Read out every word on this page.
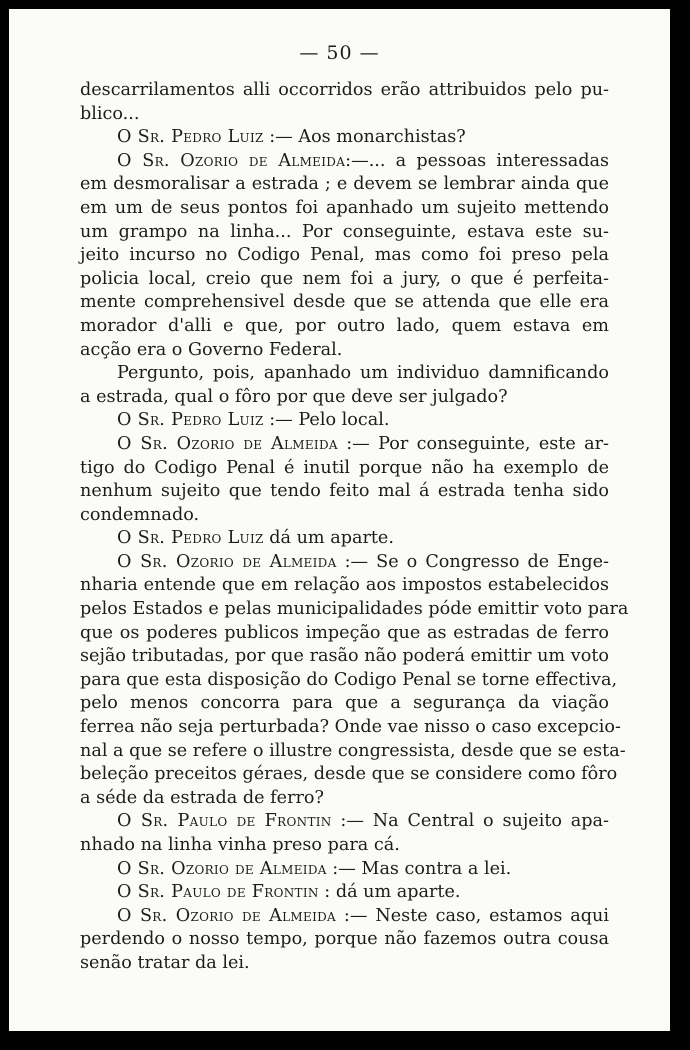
— 50 —
descarrilamentos alli occorridos erão attribuidos pelo pu-
blico...
O Sr. Pedro Luiz :— Aos monarchistas?
O Sr. Ozorio de Almeida:—... a pessoas interessadas
em desmoralisar a estrada ; e devem se lembrar ainda que
em um de seus pontos foi apanhado um sujeito mettendo
um grampo na linha... Por conseguinte, estava este su-
jeito incurso no Codigo Penal, mas como foi preso pela
policia local, creio que nem foi a jury, o que é perfeita-
mente comprehensivel desde que se attenda que elle era
morador d'alli e que, por outro lado, quem estava em
acção era o Governo Federal.
Pergunto, pois, apanhado um individuo damnificando
a estrada, qual o fôro por que deve ser julgado?
O Sr. Pedro Luiz :— Pelo local.
O Sr. Ozorio de Almeida :— Por conseguinte, este ar-
tigo do Codigo Penal é inutil porque não ha exemplo de
nenhum sujeito que tendo feito mal á estrada tenha sido
condemnado.
O Sr. Pedro Luiz dá um aparte.
O Sr. Ozorio de Almeida :— Se o Congresso de Enge-
nharia entende que em relação aos impostos estabelecidos
pelos Estados e pelas municipalidades póde emittir voto para
que os poderes publicos impeção que as estradas de ferro
sejão tributadas, por que rasão não poderá emittir um voto
para que esta disposição do Codigo Penal se torne effectiva,
pelo menos concorra para que a segurança da viação
ferrea não seja perturbada? Onde vae nisso o caso excepcio-
nal a que se refere o illustre congressista, desde que se esta-
beleção preceitos géraes, desde que se considere como fôro
a séde da estrada de ferro?
O Sr. Paulo de Frontin :— Na Central o sujeito apa-
nhado na linha vinha preso para cá.
O Sr. Ozorio de Almeida :— Mas contra a lei.
O Sr. Paulo de Frontin : dá um aparte.
O Sr. Ozorio de Almeida :— Neste caso, estamos aqui
perdendo o nosso tempo, porque não fazemos outra cousa
senão tratar da lei.
